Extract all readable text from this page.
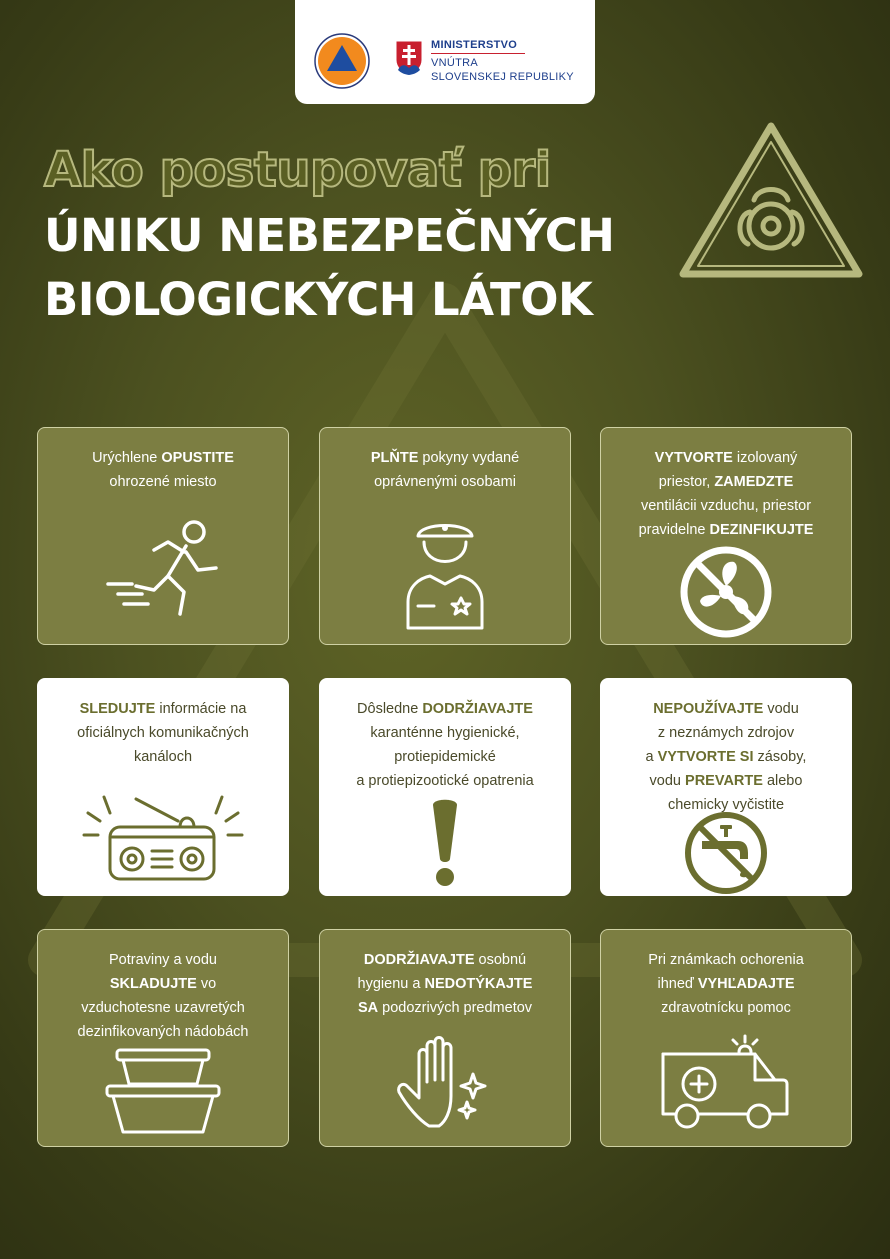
MINISTERSTVO
VNÚTRA
SLOVENSKEJ REPUBLIKY
Ako postupovať pri
ÚNIKU NEBEZPEČNÝCH
BIOLOGICKÝCH LÁTOK
Urýchlene OPUSTITE
ohrozené miesto
PLŇTE pokyny vydané
oprávnenými osobami
VYTVORTE izolovaný
priestor, ZAMEDZTE
ventilácii vzduchu, priestor
pravidelne DEZINFIKUJTE
SLEDUJTE informácie na
oficiálnych komunikačných
kanáloch
Dôsledne DODRŽIAVAJTE
karanténne hygienické,
protiepidemické
a protiepizootické opatrenia
NEPOUŽÍVAJTE vodu
z neznámych zdrojov
a VYTVORTE SI zásoby,
vodu PREVARTE alebo
chemicky vyčistite
Potraviny a vodu
SKLADUJTE vo
vzduchotesne uzavretých
dezinfikovaných nádobách
DODRŽIAVAJTE osobnú
hygienu a NEDOTÝKAJTE
SA podozrivých predmetov
Pri známkach ochorenia
ihneď VYHĽADAJTE
zdravotnícku pomoc
